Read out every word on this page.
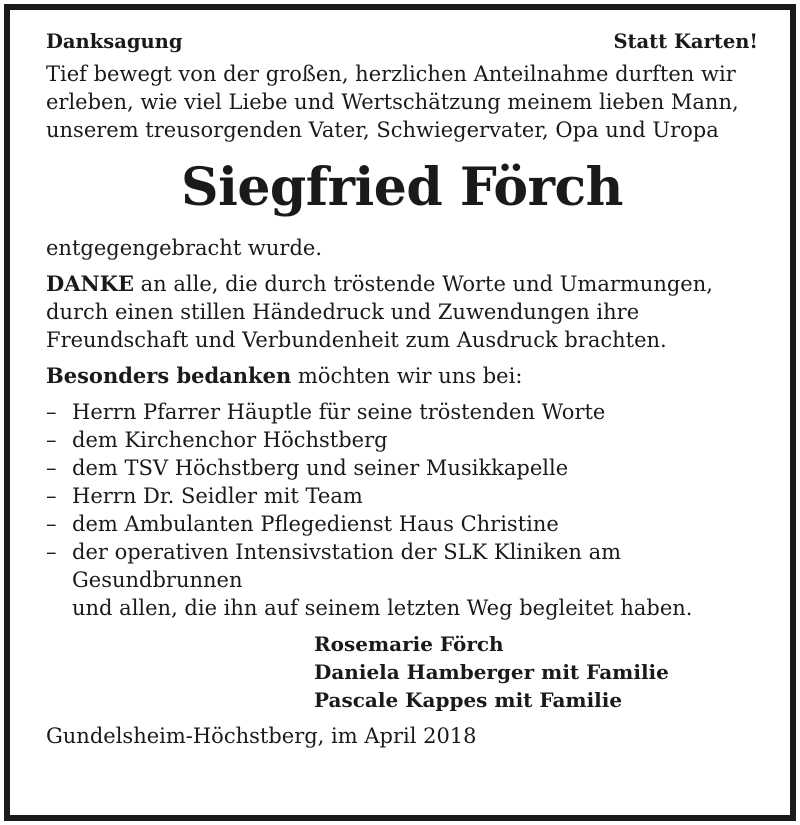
Danksagung	Statt Karten!

Tief bewegt von der großen, herzlichen Anteilnahme durften wir erleben, wie viel Liebe und Wertschätzung meinem lieben Mann, unserem treusorgenden Vater, Schwiegervater, Opa und Uropa

Siegfried Förch

entgegengebracht wurde.

DANKE an alle, die durch tröstende Worte und Umarmungen, durch einen stillen Händedruck und Zuwendungen ihre Freundschaft und Verbundenheit zum Ausdruck brachten.

Besonders bedanken möchten wir uns bei:

– Herrn Pfarrer Häuptle für seine tröstenden Worte
– dem Kirchenchor Höchstberg
– dem TSV Höchstberg und seiner Musikkapelle
– Herrn Dr. Seidler mit Team
– dem Ambulanten Pflegedienst Haus Christine
– der operativen Intensivstation der SLK Kliniken am Gesundbrunnen
und allen, die ihn auf seinem letzten Weg begleitet haben.
Rosemarie Förch
Daniela Hamberger mit Familie
Pascale Kappes mit Familie
Gundelsheim-Höchstberg, im April 2018
